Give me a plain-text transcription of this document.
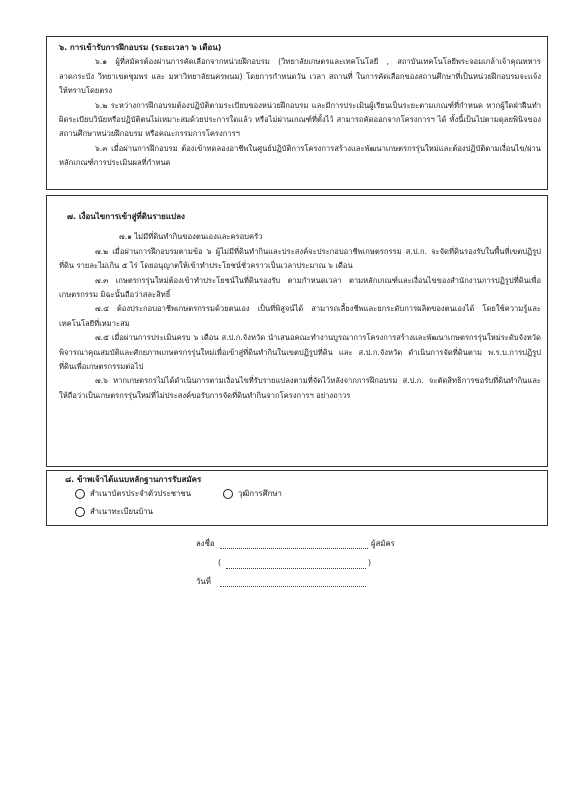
๖. การเข้ารับการฝึกอบรม (ระยะเวลา ๖ เดือน)

๖.๑ ผู้ที่สมัครต้องผ่านการคัดเลือกจากหน่วยฝึกอบรม (วิทยาลัยเกษตรและเทคโนโลยี , สถาบันเทคโนโลยีพระจอมเกล้าเจ้าคุณทหารลาดกระบัง วิทยาเขตชุมพร และ มหาวิทยาลัยนครพนม) โดยการกำหนดวัน เวลา สถานที่ ในการคัดเลือกของสถานศึกษาที่เป็นหน่วยฝึกอบรมจะแจ้งให้ทราบโดยตรง

๖.๒ ระหว่างการฝึกอบรมต้องปฏิบัติตามระเบียบของหน่วยฝึกอบรม และมีการประเมินผู้เรียนเป็นระยะตามเกณฑ์ที่กำหนด หากผู้ใดฝ่าฝืนทำผิดระเบียบวินัยหรือปฏิบัติตนไม่เหมาะสมด้วยประการใดแล้ว หรือไม่ผ่านเกณฑ์ที่ตั้งไว้ สามารถคัดออกจากโครงการฯ ได้ ทั้งนี้เป็นไปตามดุลยพินิจของสถานศึกษาหน่วยฝึกอบรม หรือคณะกรรมการโครงการฯ

๖.๓ เมื่อผ่านการฝึกอบรม ต้องเข้าทดลองอาชีพในศูนย์ปฏิบัติการโครงการสร้างและพัฒนาเกษตรกรรุ่นใหม่และต้องปฏิบัติตามเงื่อนไข/ผ่านหลักเกณฑ์การประเมินผลที่กำหนด

๗. เงื่อนไขการเข้าสู่ที่ดินรายแปลง

๗.๑ ไม่มีที่ดินทำกินของตนเองและครอบครัว

๗.๒ เมื่อผ่านการฝึกอบรมตามข้อ ๖ ผู้ไม่มีที่ดินทำกินและประสงค์จะประกอบอาชีพเกษตรกรรม ส.ป.ก. จะจัดที่ดินรองรับในพื้นที่เขตปฏิรูปที่ดิน รายละไม่เกิน ๕ ไร่ โดยอนุญาตให้เข้าทำประโยชน์ชั่วคราวเป็นเวลาประมาณ ๖ เดือน

๗.๓ เกษตรกรรุ่นใหม่ต้องเข้าทำประโยชน์ในที่ดินรองรับ ตามกำหนดเวลา ตามหลักเกณฑ์และเงื่อนไขของสำนักงานการปฏิรูปที่ดินเพื่อเกษตรกรรม มิฉะนั้นถือว่าสละสิทธิ์

๗.๔ ต้องประกอบอาชีพเกษตรกรรมด้วยตนเอง เป็นที่พิสูจน์ได้ สามารถเลี้ยงชีพและยกระดับการผลิตของตนเองได้ โดยใช้ความรู้และเทคโนโลยีที่เหมาะสม

๗.๕ เมื่อผ่านการประเมินครบ ๖ เดือน ส.ป.ก.จังหวัด นำเสนอคณะทำงานบูรณาการโครงการสร้างและพัฒนาเกษตรกรรุ่นใหม่ระดับจังหวัด พิจารณาคุณสมบัติและศักยภาพเกษตรกรรุ่นใหม่เพื่อเข้าสู่ที่ดินทำกินในเขตปฏิรูปที่ดิน และ ส.ป.ก.จังหวัด ดำเนินการจัดที่ดินตาม พ.ร.บ.การปฏิรูปที่ดินเพื่อเกษตรกรรมต่อไป

๗.๖ หากเกษตรกรไม่ได้ดำเนินการตามเงื่อนไขที่รับรายแปลงตามที่จัดไว้หลังจากการฝึกอบรม ส.ป.ก. จะตัดสิทธิการขอรับที่ดินทำกินและให้ถือว่าเป็นเกษตรกรรุ่นใหม่ที่ไม่ประสงค์ขอรับการจัดที่ดินทำกินจากโครงการฯ อย่างถาวร

๘. ข้าพเจ้าได้แนบหลักฐานการรับสมัคร

สำเนาบัตรประจำตัวประชาชน	วุฒิการศึกษา
สำเนาทะเบียนบ้าน
ลงชื่อ	ผู้สมัคร
(	)
วันที่
